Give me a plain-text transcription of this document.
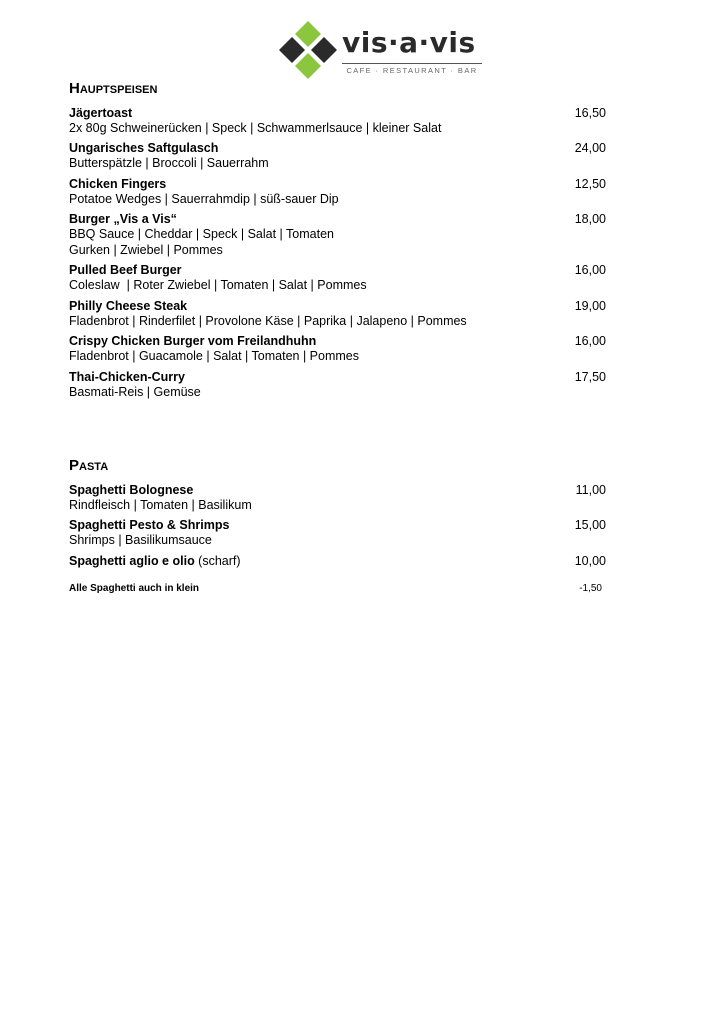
vis·a·vis
CAFE · RESTAURANT · BAR
Hauptspeisen
Jägertoast
2x 80g Schweinerücken | Speck | Schwammerlsauce | kleiner Salat
16,50
Ungarisches Saftgulasch
Butterspätzle | Broccoli | Sauerrahm
24,00
Chicken Fingers
Potatoe Wedges | Sauerrahmdip | süß-sauer Dip
12,50
Burger „Vis a Vis“
BBQ Sauce | Cheddar | Speck | Salat | Tomaten
Gurken | Zwiebel | Pommes
18,00
Pulled Beef Burger
Coleslaw  | Roter Zwiebel | Tomaten | Salat | Pommes
16,00
Philly Cheese Steak
Fladenbrot | Rinderfilet | Provolone Käse | Paprika | Jalapeno | Pommes
19,00
Crispy Chicken Burger vom Freilandhuhn
Fladenbrot | Guacamole | Salat | Tomaten | Pommes
16,00
Thai-Chicken-Curry
Basmati-Reis | Gemüse
17,50
Pasta
Spaghetti Bolognese
Rindfleisch | Tomaten | Basilikum
11,00
Spaghetti Pesto & Shrimps
Shrimps | Basilikumsauce
15,00
Spaghetti aglio e olio (scharf)	10,00
Alle Spaghetti auch in klein	-1,50
